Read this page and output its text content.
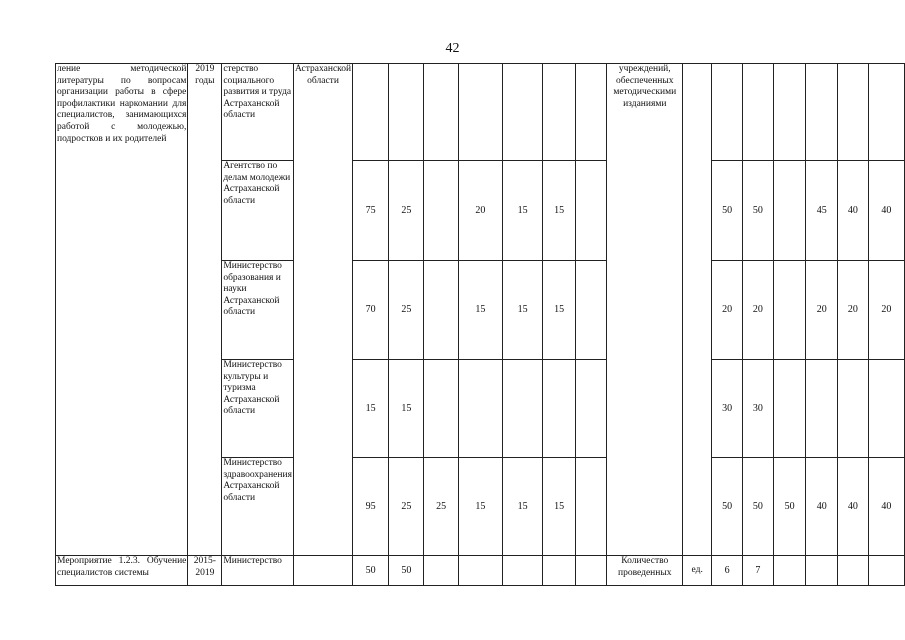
42
ление методической литературы по вопросам организации работы в сфере профилактики наркомании для специалистов, занимающихся работой с молодежью, подростков и их родителей	2019 годы	стерство социального развития и труда Астраханской области	Астраханской области								учреждений, обеспеченных методическими изданиями							
		Агентство по делам молодежи Астраханской области		75	25		20	15	15				50	50		45	40	40
		Министерство образования и науки Астраханской области		70	25		15	15	15				20	20		20	20	20
		Министерство культуры и туризма Астраханской области		15	15								30	30				
		Министерство здравоохранения Астраханской области		95	25	25	15	15	15				50	50	50	40	40	40
Мероприятие 1.2.3. Обучение специалистов системы	2015-2019	Министерство		50	50						Количество проведенных	ед.	6	7				
